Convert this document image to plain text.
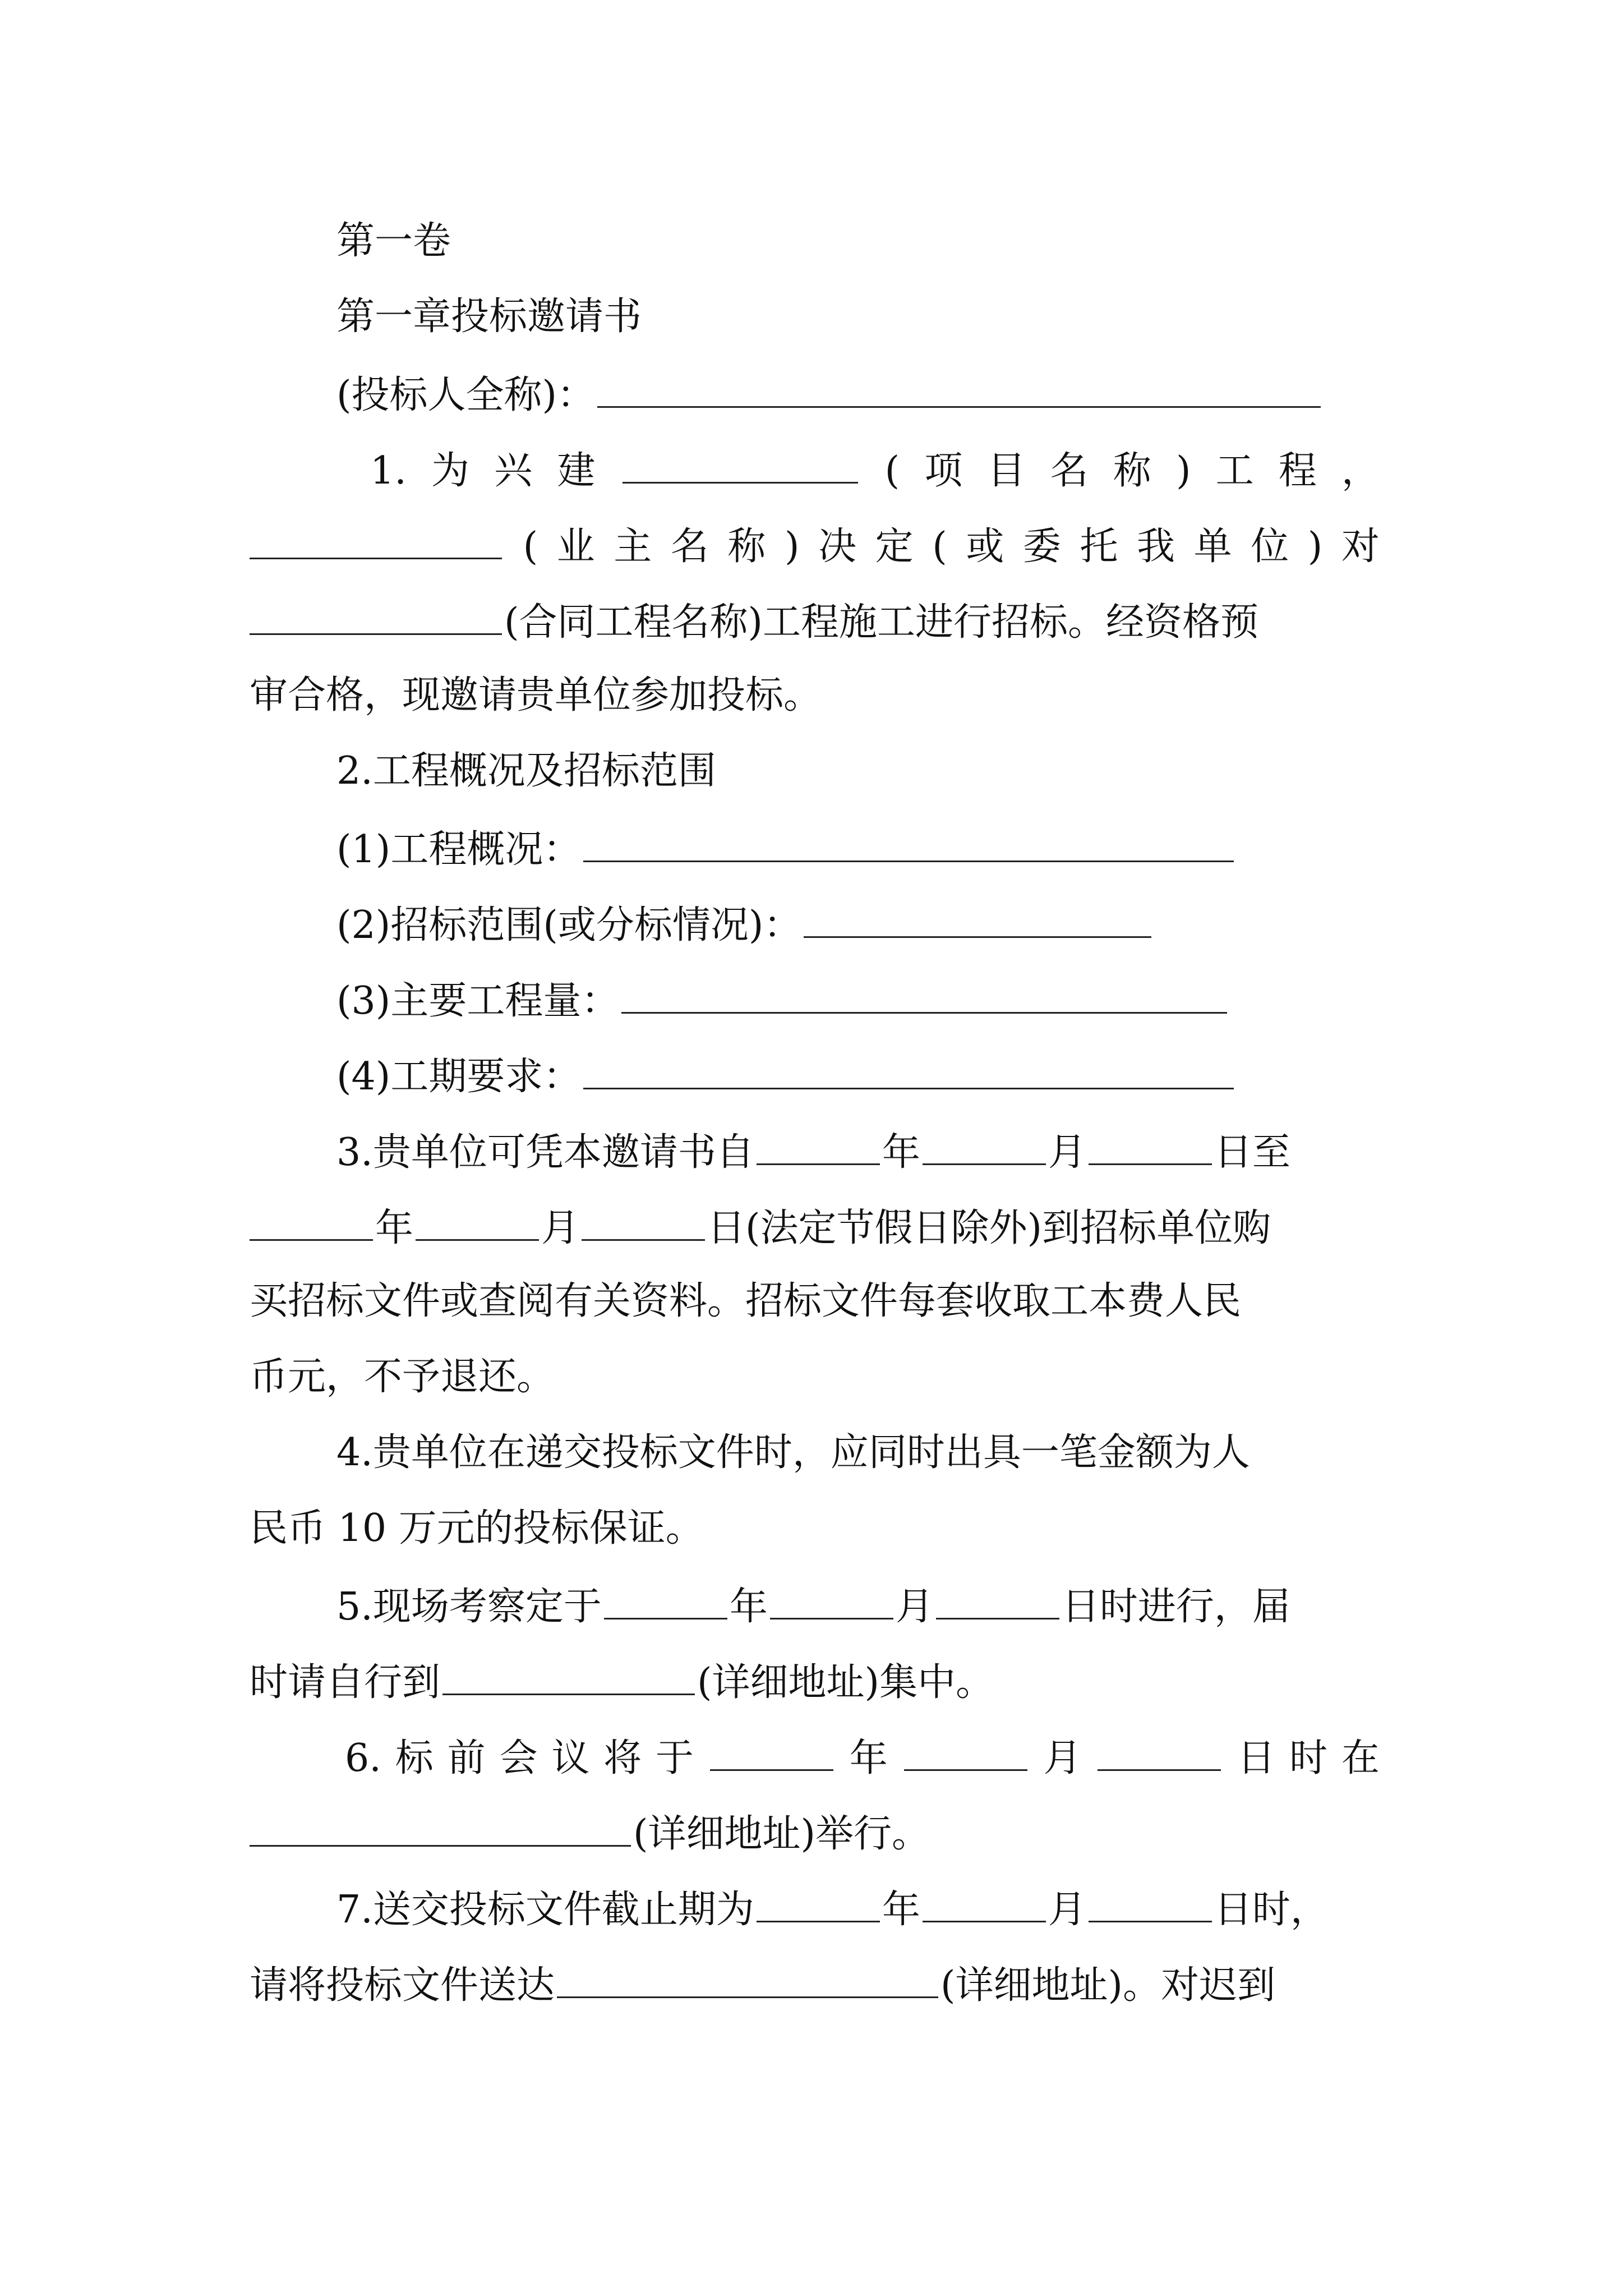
第一卷
第一章投标邀请书
(投标人全称)：
1. 为 兴 建	( 项 目 名 称 ) 工 程 ，
( 业 主 名 称 ) 决 定 ( 或 委 托 我 单 位 ) 对
(合同工程名称)工程施工进行招标。经资格预
审合格，现邀请贵单位参加投标。
2.工程概况及招标范围
(1)工程概况：
(2)招标范围(或分标情况)：
(3)主要工程量：
(4)工期要求：
3.贵单位可凭本邀请书自	年	月	日至
年	月	日(法定节假日除外)到招标单位购
买招标文件或查阅有关资料。招标文件每套收取工本费人民
币元，不予退还。
4.贵单位在递交投标文件时，应同时出具一笔金额为人
民币 10 万元的投标保证。
5.现场考察定于	年	月	日时进行，届
时请自行到	(详细地址)集中。
6. 标 前 会 议 将 于	年	月	日 时 在
(详细地址)举行。
7.送交投标文件截止期为	年	月	日时，
请将投标文件送达	(详细地址)。对迟到
